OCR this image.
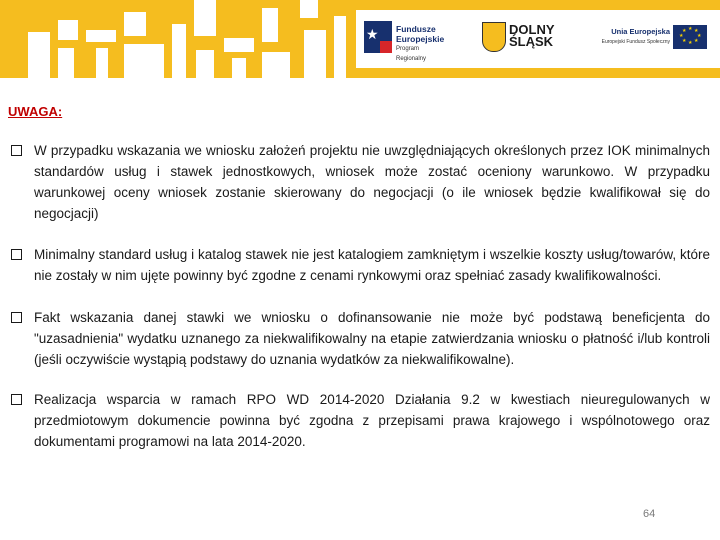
★ Fundusze
Europejskie
Program Regionalny
DOLNY
ŚLĄSK
Unia Europejska
Europejski Fundusz Społeczny
★ ★
★
★
★
★
★
★
UWAGA:
W przypadku wskazania we wniosku założeń projektu nie uwzględniających określonych przez IOK minimalnych standardów usług i stawek jednostkowych, wniosek może zostać oceniony warunkowo. W przypadku warunkowej oceny wniosek zostanie skierowany do negocjacji (o ile wniosek będzie kwalifikował się do negocjacji)
Minimalny standard usług i katalog stawek nie jest katalogiem zamkniętym i wszelkie koszty usług/towarów, które nie zostały w nim ujęte powinny być zgodne z cenami rynkowymi oraz spełniać zasady kwalifikowalności.
Fakt wskazania danej stawki we wniosku o dofinansowanie nie może być podstawą beneficjenta do "uzasadnienia" wydatku uznanego za niekwalifikowalny na etapie zatwierdzania wniosku o płatność i/lub kontroli (jeśli oczywiście wystąpią podstawy do uznania wydatków za niekwalifikowalne).
Realizacja wsparcia w ramach RPO WD 2014-2020 Działania 9.2 w kwestiach nieuregulowanych w przedmiotowym dokumencie powinna być zgodna z przepisami prawa krajowego i wspólnotowego oraz dokumentami programowi na lata 2014-2020.
64
